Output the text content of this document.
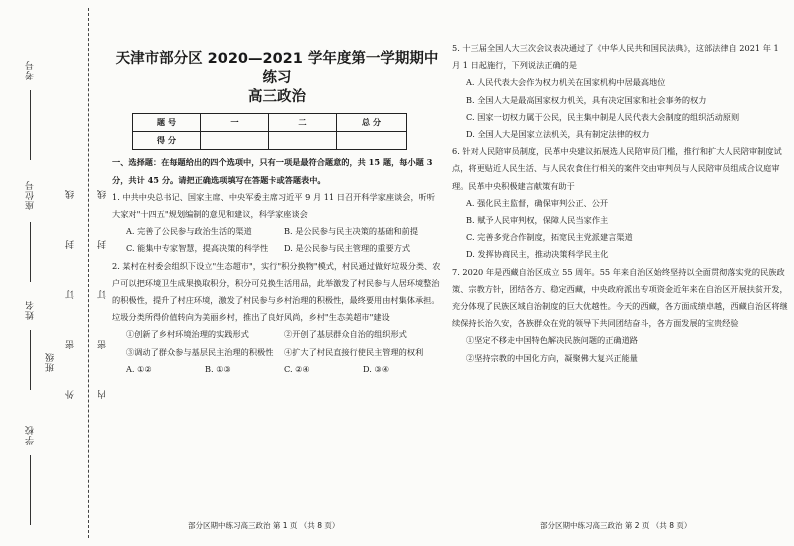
考号
座位号
姓名
班级
学校
线
封
订
密
外
线
封
订
密
内
天津市部分区 2020—2021 学年度第一学期期中练习
高三政治
题 号	一	二	总 分
得 分			

一、选择题：在每题给出的四个选项中，只有一项是最符合题意的，共 15 题，每小题 3 分，共计 45 分。请把正确选项填写在答题卡或答题表中。

1. 中共中央总书记、国家主席、中央军委主席习近平 9 月 11 日召开科学家座谈会，听听大家对"十四五"规划编制的意见和建议，科学家座谈会

A. 完善了公民参与政治生活的渠道	B. 是公民参与民主决策的基础和前提
C. 能集中专家智慧，提高决策的科学性	D. 是公民参与民主管理的重要方式

2. 某村在村委会组织下设立"生态超市"，实行"积分换物"模式，村民通过做好垃圾分类、农户可以把环境卫生成果换取积分，积分可兑换生活用品，此举激发了村民参与人居环境整治的积极性，提升了村庄环境，激发了村民参与乡村治理的积极性，最终要用由村集体承担。垃圾分类所得价值转向为美丽乡村，推出了良好风尚，乡村"生态美超市"建设

①创新了乡村环境治理的实践形式	②开创了基层群众自治的组织形式
③调动了群众参与基层民主治理的积极性	④扩大了村民直接行使民主管理的权利
A. ①②	B. ①③	C. ②④	D. ③④

5. 十三届全国人大三次会议表决通过了《中华人民共和国民法典》，这部法律自 2021 年 1 月 1 日起施行，下列说法正确的是

A. 人民代表大会作为权力机关在国家机构中居最高地位

B. 全国人大是最高国家权力机关，具有决定国家和社会事务的权力

C. 国家一切权力属于公民，民主集中制是人民代表大会制度的组织活动原则

D. 全国人大是国家立法机关，具有制定法律的权力

6. 针对人民陪审员制度，民革中央建议拓展选人民陪审员门槛，推行和扩大人民陪审制度试点，将更贴近人民生活、与人民农食住行相关的案件交由审判员与人民陪审员组成合议庭审理。民革中央积极建言献策有助于

A. 强化民主监督，确保审判公正、公开

B. 赋予人民审判权，保障人民当家作主

C. 完善多党合作制度，拓宽民主党派建言渠道

D. 发挥协商民主，推动决策科学民主化

7. 2020 年是西藏自治区成立 55 周年。55 年来自治区始终坚持以全面贯彻落实党的民族政策、宗教方针，团结各方、稳定西藏，中央政府派出专项资金近年来在自治区开展扶贫开发，充分体现了民族区域自治制度的巨大优越性。今天的西藏，各方面成绩卓越，西藏自治区将继续保持长治久安，各族群众在党的领导下共同团结奋斗，各方面发展的宝贵经验

①坚定不移走中国特色解决民族问题的正确道路

②坚持宗教的中国化方向，凝聚佛大复兴正能量

部分区期中练习高三政治 第 1 页 （共 8 页）	部分区期中练习高三政治 第 2 页 （共 8 页）
